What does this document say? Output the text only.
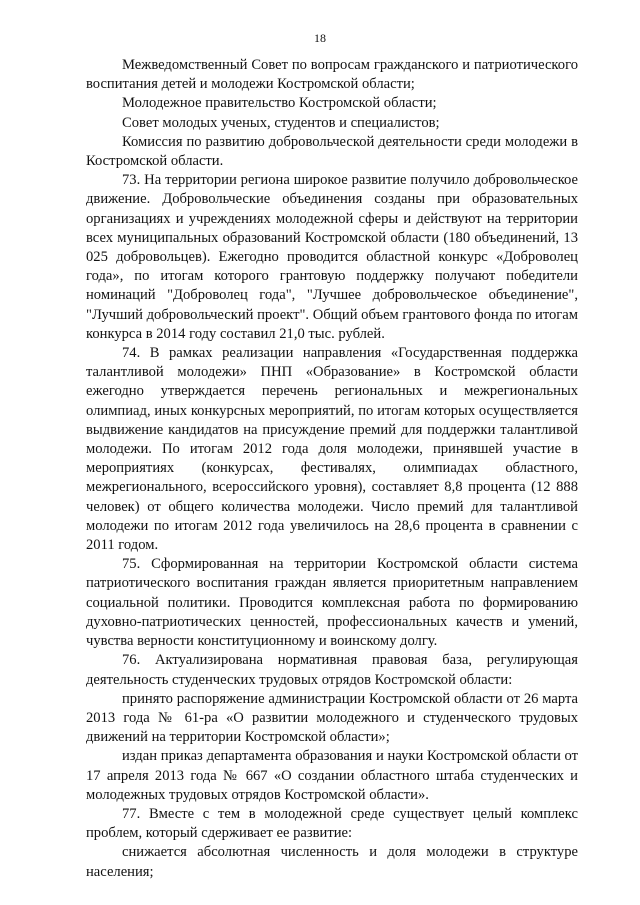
18

Межведомственный Совет по вопросам гражданского и патриотического воспитания детей и молодежи Костромской области;

Молодежное правительство Костромской области;

Совет молодых ученых, студентов и специалистов;

Комиссия по развитию добровольческой деятельности среди молодежи в Костромской области.

73. На территории региона широкое развитие получило добровольческое движение. Добровольческие объединения созданы при образовательных организациях и учреждениях молодежной сферы и действуют на территории всех муниципальных образований Костромской области (180 объединений, 13 025 добровольцев). Ежегодно проводится областной конкурс «Доброволец года», по итогам которого грантовую поддержку получают победители номинаций "Доброволец года", "Лучшее добровольческое объединение", "Лучший добровольческий проект". Общий объем грантового фонда по итогам конкурса в 2014 году составил 21,0 тыс. рублей.

74. В рамках реализации направления «Государственная поддержка талантливой молодежи» ПНП «Образование» в Костромской области ежегодно утверждается перечень региональных и межрегиональных олимпиад, иных конкурсных мероприятий, по итогам которых осуществляется выдвижение кандидатов на присуждение премий для поддержки талантливой молодежи. По итогам 2012 года доля молодежи, принявшей участие в мероприятиях (конкурсах, фестивалях, олимпиадах областного, межрегионального, всероссийского уровня), составляет 8,8 процента (12 888 человек) от общего количества молодежи. Число премий для талантливой молодежи по итогам 2012 года увеличилось на 28,6 процента в сравнении с 2011 годом.

75. Сформированная на территории Костромской области система патриотического воспитания граждан является приоритетным направлением социальной политики. Проводится комплексная работа по формированию духовно-патриотических ценностей, профессиональных качеств и умений, чувства верности конституционному и воинскому долгу.

76. Актуализирована нормативная правовая база, регулирующая деятельность студенческих трудовых отрядов Костромской области:

принято распоряжение администрации Костромской области от 26 марта 2013 года № 61-ра «О развитии молодежного и студенческого трудовых движений на территории Костромской области»;

издан приказ департамента образования и науки Костромской области от 17 апреля 2013 года № 667 «О создании областного штаба студенческих и молодежных трудовых отрядов Костромской области».

77. Вместе с тем в молодежной среде существует целый комплекс проблем, который сдерживает ее развитие:

снижается абсолютная численность и доля молодежи в структуре населения;
